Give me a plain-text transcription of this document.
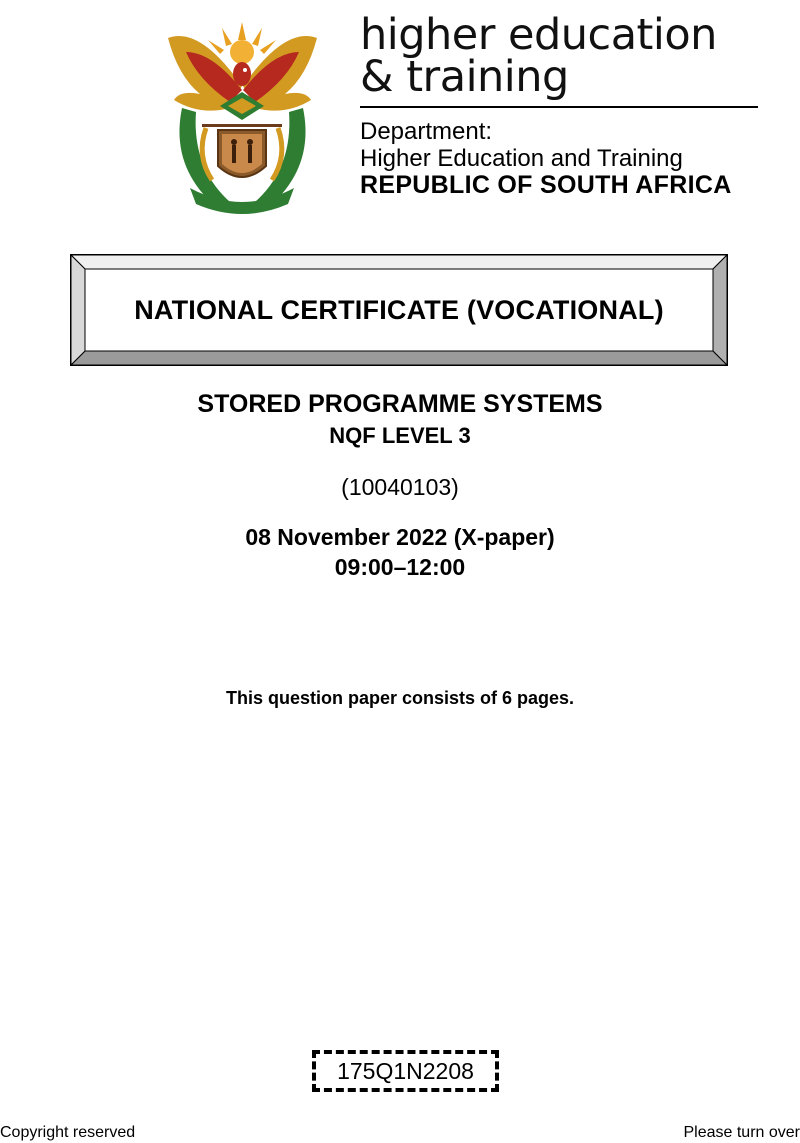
higher education
& training
Department:
Higher Education and Training
REPUBLIC OF SOUTH AFRICA
NATIONAL CERTIFICATE (VOCATIONAL)
STORED PROGRAMME SYSTEMS
NQF LEVEL 3
(10040103)
08 November 2022 (X-paper)
09:00–12:00
This question paper consists of 6 pages.
175Q1N2208
Copyright reserved	Please turn over
